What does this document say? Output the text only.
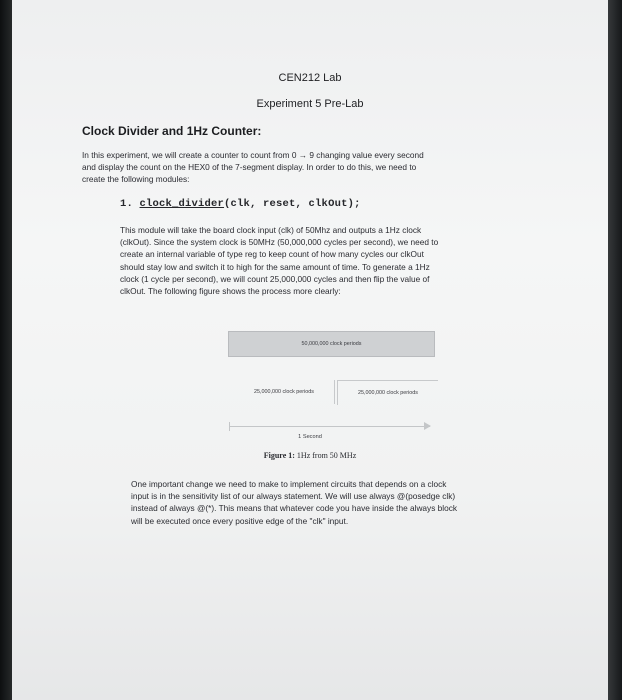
CEN212 Lab
Experiment 5 Pre-Lab
Clock Divider and 1Hz Counter:
In this experiment, we will create a counter to count from 0 → 9 changing value every second
and display the count on the HEX0 of the 7-segment display. In order to do this, we need to
create the following modules:
1. clock_divider(clk, reset, clkOut);
This module will take the board clock input (clk) of 50Mhz and outputs a 1Hz clock
(clkOut). Since the system clock is 50MHz (50,000,000 cycles per second), we need to
create an internal variable of type reg to keep count of how many cycles our clkOut
should stay low and switch it to high for the same amount of time. To generate a 1Hz
clock (1 cycle per second), we will count 25,000,000 cycles and then flip the value of
clkOut. The following figure shows the process more clearly:
50,000,000 clock periods
25,000,000 clock periods	25,000,000 clock periods
1 Second
Figure 1: 1Hz from 50 MHz
One important change we need to make to implement circuits that depends on a clock
input is in the sensitivity list of our always statement. We will use always @(posedge clk)
instead of always @(*). This means that whatever code you have inside the always block
will be executed once every positive edge of the "clk" input.
